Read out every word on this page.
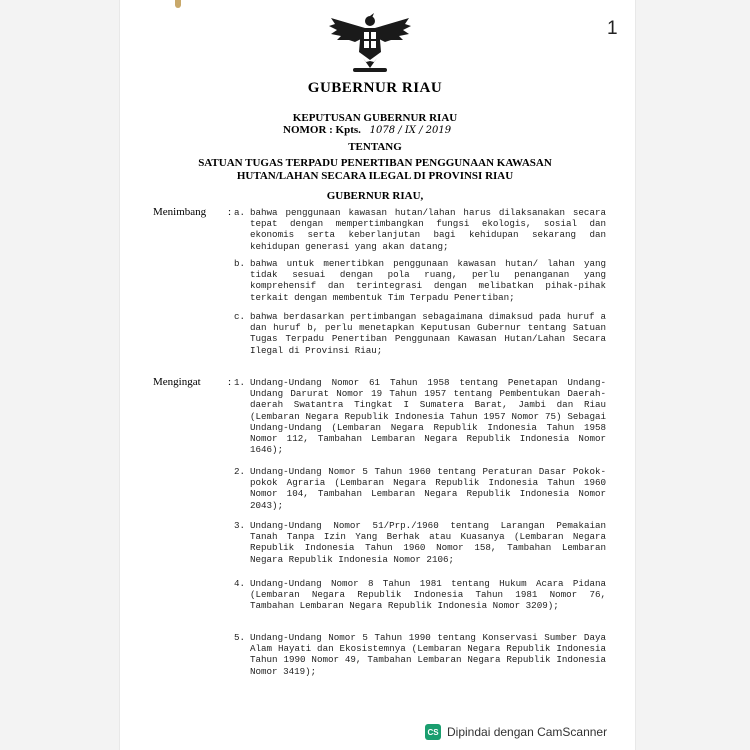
1
GUBERNUR RIAU
KEPUTUSAN GUBERNUR RIAU
NOMOR : Kpts. 1078 / IX / 2019
TENTANG
SATUAN TUGAS TERPADU PENERTIBAN PENGGUNAAN KAWASAN
HUTAN/LAHAN SECARA ILEGAL DI PROVINSI RIAU
GUBERNUR RIAU,
Menimbang : a. bahwa penggunaan kawasan hutan/lahan harus dilaksanakan secara tepat dengan mempertimbangkan fungsi ekologis, sosial dan ekonomis serta keberlanjutan bagi kehidupan sekarang dan kehidupan generasi yang akan datang;
b. bahwa untuk menertibkan penggunaan kawasan hutan/ lahan yang tidak sesuai dengan pola ruang, perlu penanganan yang komprehensif dan terintegrasi dengan melibatkan pihak-pihak terkait dengan membentuk Tim Terpadu Penertiban;
c. bahwa berdasarkan pertimbangan sebagaimana dimaksud pada huruf a dan huruf b, perlu menetapkan Keputusan Gubernur tentang Satuan Tugas Terpadu Penertiban Penggunaan Kawasan Hutan/Lahan Secara Ilegal di Provinsi Riau;
Mengingat : 1. Undang-Undang Nomor 61 Tahun 1958 tentang Penetapan Undang-Undang Darurat Nomor 19 Tahun 1957 tentang Pembentukan Daerah-daerah Swatantra Tingkat I Sumatera Barat, Jambi dan Riau (Lembaran Negara Republik Indonesia Tahun 1957 Nomor 75) Sebagai Undang-Undang (Lembaran Negara Republik Indonesia Tahun 1958 Nomor 112, Tambahan Lembaran Negara Republik Indonesia Nomor 1646);
2. Undang-Undang Nomor 5 Tahun 1960 tentang Peraturan Dasar Pokok-pokok Agraria (Lembaran Negara Republik Indonesia Tahun 1960 Nomor 104, Tambahan Lembaran Negara Republik Indonesia Nomor 2043);
3. Undang-Undang Nomor 51/Prp./1960 tentang Larangan Pemakaian Tanah Tanpa Izin Yang Berhak atau Kuasanya (Lembaran Negara Republik Indonesia Tahun 1960 Nomor 158, Tambahan Lembaran Negara Republik Indonesia Nomor 2106;
4. Undang-Undang Nomor 8 Tahun 1981 tentang Hukum Acara Pidana (Lembaran Negara Republik Indonesia Tahun 1981 Nomor 76, Tambahan Lembaran Negara Republik Indonesia Nomor 3209);
5. Undang-Undang Nomor 5 Tahun 1990 tentang Konservasi Sumber Daya Alam Hayati dan Ekosistemnya (Lembaran Negara Republik Indonesia Tahun 1990 Nomor 49, Tambahan Lembaran Negara Republik Indonesia Nomor 3419);
CS Dipindai dengan CamScanner
